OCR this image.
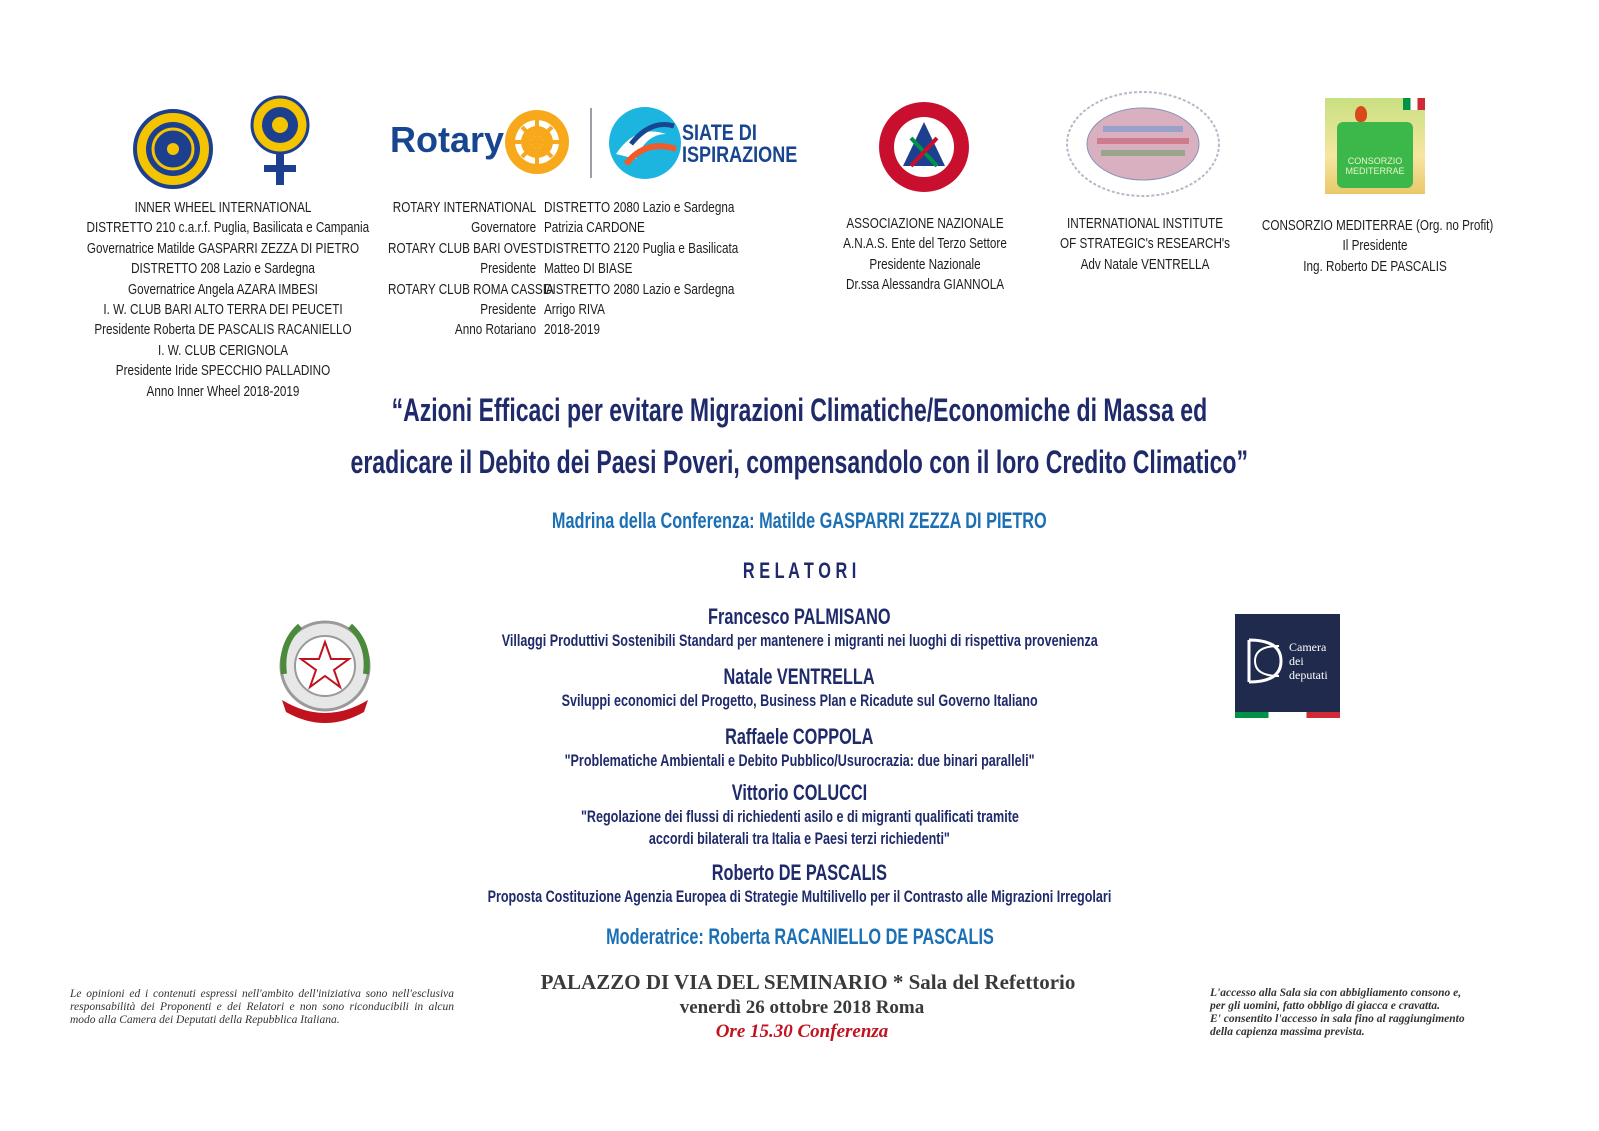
Rotary	SIATE DI
ISPIRAZIONE	CONSORZIO
MEDITERRAE
INNER WHEEL INTERNATIONAL
DISTRETTO 210 c.a.r.f. Puglia, Basilicata e Campania
Governatrice Matilde GASPARRI ZEZZA DI PIETRO
DISTRETTO 208 Lazio e Sardegna
Governatrice Angela AZARA IMBESI
I. W. CLUB BARI ALTO TERRA DEI PEUCETI
Presidente Roberta DE PASCALIS RACANIELLO
I. W. CLUB CERIGNOLA
Presidente Iride SPECCHIO PALLADINO
Anno Inner Wheel 2018-2019
ROTARY INTERNATIONAL DISTRETTO 2080 Lazio e Sardegna
Governatore Patrizia CARDONE
ROTARY CLUB BARI OVEST DISTRETTO 2120 Puglia e Basilicata
Presidente Matteo DI BIASE
ROTARY CLUB ROMA CASSIA
DISTRETTO 2080 Lazio e Sardegna
Presidente Arrigo RIVA
Anno Rotariano 2018-2019
ASSOCIAZIONE NAZIONALE
A.N.A.S. Ente del Terzo Settore
Presidente Nazionale
Dr.ssa Alessandra GIANNOLA
INTERNATIONAL INSTITUTE
OF STRATEGIC's RESEARCH's
Adv Natale VENTRELLA
CONSORZIO MEDITERRAE (Org. no Profit)
Il Presidente
Ing. Roberto DE PASCALIS
“Azioni Efficaci per evitare Migrazioni Climatiche/Economiche di Massa ed
eradicare il Debito dei Paesi Poveri, compensandolo con il loro Credito Climatico”
Madrina della Conferenza: Matilde GASPARRI ZEZZA DI PIETRO
R E L A T O R I
Camera
dei
deputati
Francesco PALMISANO
Villaggi Produttivi Sostenibili Standard per mantenere i migranti nei luoghi di rispettiva provenienza
Natale VENTRELLA
Sviluppi economici del Progetto, Business Plan e Ricadute sul Governo Italiano
Raffaele COPPOLA
"Problematiche Ambientali e Debito Pubblico/Usurocrazia: due binari paralleli"
Vittorio COLUCCI
"Regolazione dei flussi di richiedenti asilo e di migranti qualificati tramite
accordi bilaterali tra Italia e Paesi terzi richiedenti"
Roberto DE PASCALIS
Proposta Costituzione Agenzia Europea di Strategie Multilivello per il Contrasto alle Migrazioni Irregolari
Moderatrice: Roberta RACANIELLO DE PASCALIS
PALAZZO DI VIA DEL SEMINARIO * Sala del Refettorio
venerdì 26 ottobre 2018 Roma
Ore 15.30 Conferenza
Le opinioni ed i contenuti espressi nell'ambito dell'iniziativa sono nell'esclusiva responsabilità dei Proponenti e dei Relatori e non sono riconducibili in alcun modo alla Camera dei Deputati della Repubblica Italiana.
L'accesso alla Sala sia con abbigliamento consono e,
per gli uomini, fatto obbligo di giacca e cravatta.
E' consentito l'accesso in sala fino al raggiungimento
della capienza massima prevista.
